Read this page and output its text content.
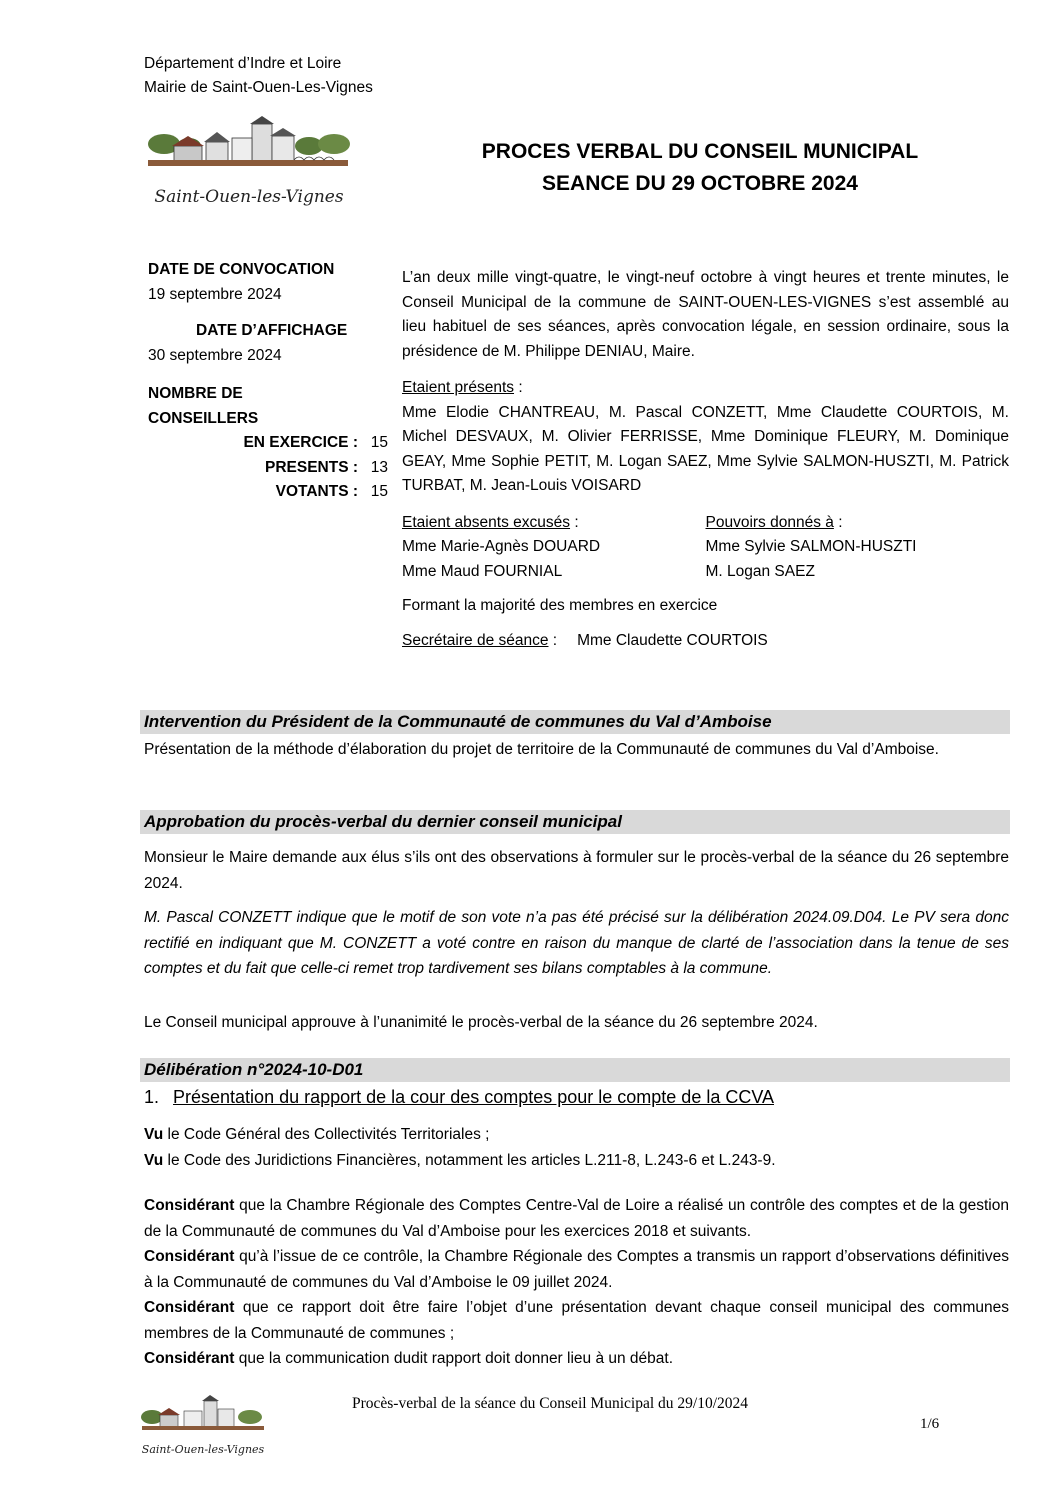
Département d’Indre et Loire
Mairie de Saint-Ouen-Les-Vignes
Saint-Ouen-les-Vignes
PROCES VERBAL DU CONSEIL MUNICIPAL
SEANCE DU 29 OCTOBRE 2024
DATE DE CONVOCATION
19 septembre 2024
DATE D’AFFICHAGE
30 septembre 2024
NOMBRE DE
CONSEILLERS
EN EXERCICE : 15
PRESENTS : 13
VOTANTS : 15
L’an deux mille vingt-quatre, le vingt-neuf octobre à vingt heures et trente minutes, le Conseil Municipal de la commune de SAINT-OUEN-LES-VIGNES s’est assemblé au lieu habituel de ses séances, après convocation légale, en session ordinaire, sous la présidence de M. Philippe DENIAU, Maire.
Etaient présents :
Mme Elodie CHANTREAU, M. Pascal CONZETT, Mme Claudette COURTOIS, M. Michel DESVAUX, M. Olivier FERRISSE, Mme Dominique FLEURY, M. Dominique GEAY, Mme Sophie PETIT, M. Logan SAEZ, Mme Sylvie SALMON-HUSZTI, M. Patrick TURBAT, M. Jean-Louis VOISARD
Etaient absents excusés :	Pouvoirs donnés à :
Mme Marie-Agnès DOUARD	Mme Sylvie SALMON-HUSZTI
Mme Maud FOURNIAL	M. Logan SAEZ
Formant la majorité des membres en exercice
Secrétaire de séance : Mme Claudette COURTOIS
Intervention du Président de la Communauté de communes du Val d’Amboise
Présentation de la méthode d’élaboration du projet de territoire de la Communauté de communes du Val d’Amboise.
Approbation du procès-verbal du dernier conseil municipal
Monsieur le Maire demande aux élus s’ils ont des observations à formuler sur le procès-verbal de la séance du 26 septembre 2024.
M. Pascal CONZETT indique que le motif de son vote n’a pas été précisé sur la délibération 2024.09.D04. Le PV sera donc rectifié en indiquant que M. CONZETT a voté contre en raison du manque de clarté de l’association dans la tenue de ses comptes et du fait que celle-ci remet trop tardivement ses bilans comptables à la commune.
Le Conseil municipal approuve à l’unanimité le procès-verbal de la séance du 26 septembre 2024.
Délibération n°2024-10-D01
1. Présentation du rapport de la cour des comptes pour le compte de la CCVA
Vu le Code Général des Collectivités Territoriales ;
Vu le Code des Juridictions Financières, notamment les articles L.211-8, L.243-6 et L.243-9.
Considérant que la Chambre Régionale des Comptes Centre-Val de Loire a réalisé un contrôle des comptes et de la gestion de la Communauté de communes du Val d’Amboise pour les exercices 2018 et suivants.
Considérant qu’à l’issue de ce contrôle, la Chambre Régionale des Comptes a transmis un rapport d’observations définitives à la Communauté de communes du Val d’Amboise le 09 juillet 2024.
Considérant que ce rapport doit être faire l’objet d’une présentation devant chaque conseil municipal des communes membres de la Communauté de communes ;
Considérant que la communication dudit rapport doit donner lieu à un débat.
Saint-Ouen-les-Vignes
Procès-verbal de la séance du Conseil Municipal du 29/10/2024
1/6
